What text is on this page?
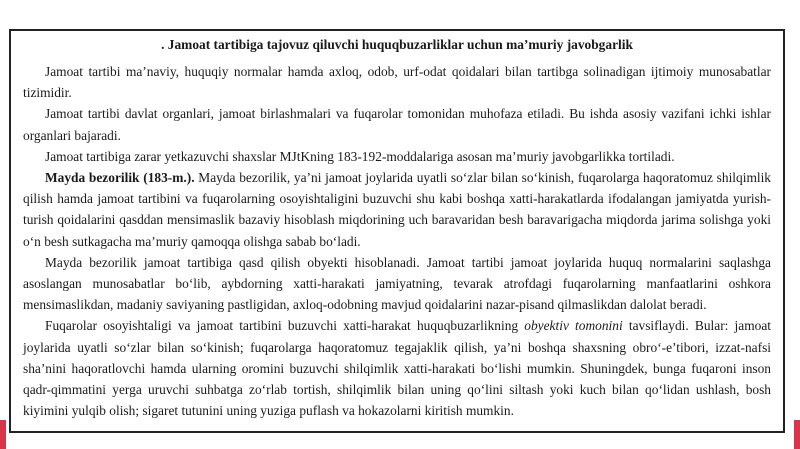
. Jamoat tartibiga tajovuz qiluvchi huquqbuzarliklar uchun ma’muriy javobgarlik

Jamoat tartibi ma’naviy, huquqiy normalar hamda axloq, odob, urf-odat qoidalari bilan tartibga solinadigan ijtimoiy munosabatlar tizimidir.

Jamoat tartibi davlat organlari, jamoat birlashmalari va fuqarolar tomonidan muhofaza etiladi. Bu ishda asosiy vazifani ichki ishlar organlari bajaradi.

Jamoat tartibiga zarar yetkazuvchi shaxslar MJtKning 183-192-moddalariga asosan ma’muriy javobgarlikka tortiladi.

Mayda bezorilik (183-m.). Mayda bezorilik, ya’ni jamoat joylarida uyatli so‘zlar bilan so‘kinish, fuqarolarga haqoratomuz shilqimlik qilish hamda jamoat tartibini va fuqarolarning osoyishtaligini buzuvchi shu kabi boshqa xatti-harakatlarda ifodalangan jamiyatda yurish-turish qoidalarini qasddan mensimaslik bazaviy hisoblash miqdorining uch baravaridan besh baravarigacha miqdorda jarima solishga yoki o‘n besh sutkagacha ma’muriy qamoqqa olishga sabab bo‘ladi.

Mayda bezorilik jamoat tartibiga qasd qilish obyekti hisoblanadi. Jamoat tartibi jamoat joylarida huquq normalarini saqlashga asoslangan munosabatlar bo‘lib, aybdorning xatti-harakati jamiyatning, tevarak atrofdagi fuqarolarning manfaatlarini oshkora mensimaslikdan, madaniy saviyaning pastligidan, axloq-odobning mavjud qoidalarini nazar-pisand qilmaslikdan dalolat beradi.

Fuqarolar osoyishtaligi va jamoat tartibini buzuvchi xatti-harakat huquqbuzarlikning obyektiv tomonini tavsiflaydi. Bular: jamoat joylarida uyatli so‘zlar bilan so‘kinish; fuqarolarga haqoratomuz tegajaklik qilish, ya’ni boshqa shaxsning obro‘-e’tibori, izzat-nafsi sha’nini haqoratlovchi hamda ularning oromini buzuvchi shilqimlik xatti-harakati bo‘lishi mumkin. Shuningdek, bunga fuqaroni inson qadr-qimmatini yerga uruvchi suhbatga zo‘rlab tortish, shilqimlik bilan uning qo‘lini siltash yoki kuch bilan qo‘lidan ushlash, bosh kiyimini yulqib olish; sigaret tutunini uning yuziga puflash va hokazolarni kiritish mumkin.
